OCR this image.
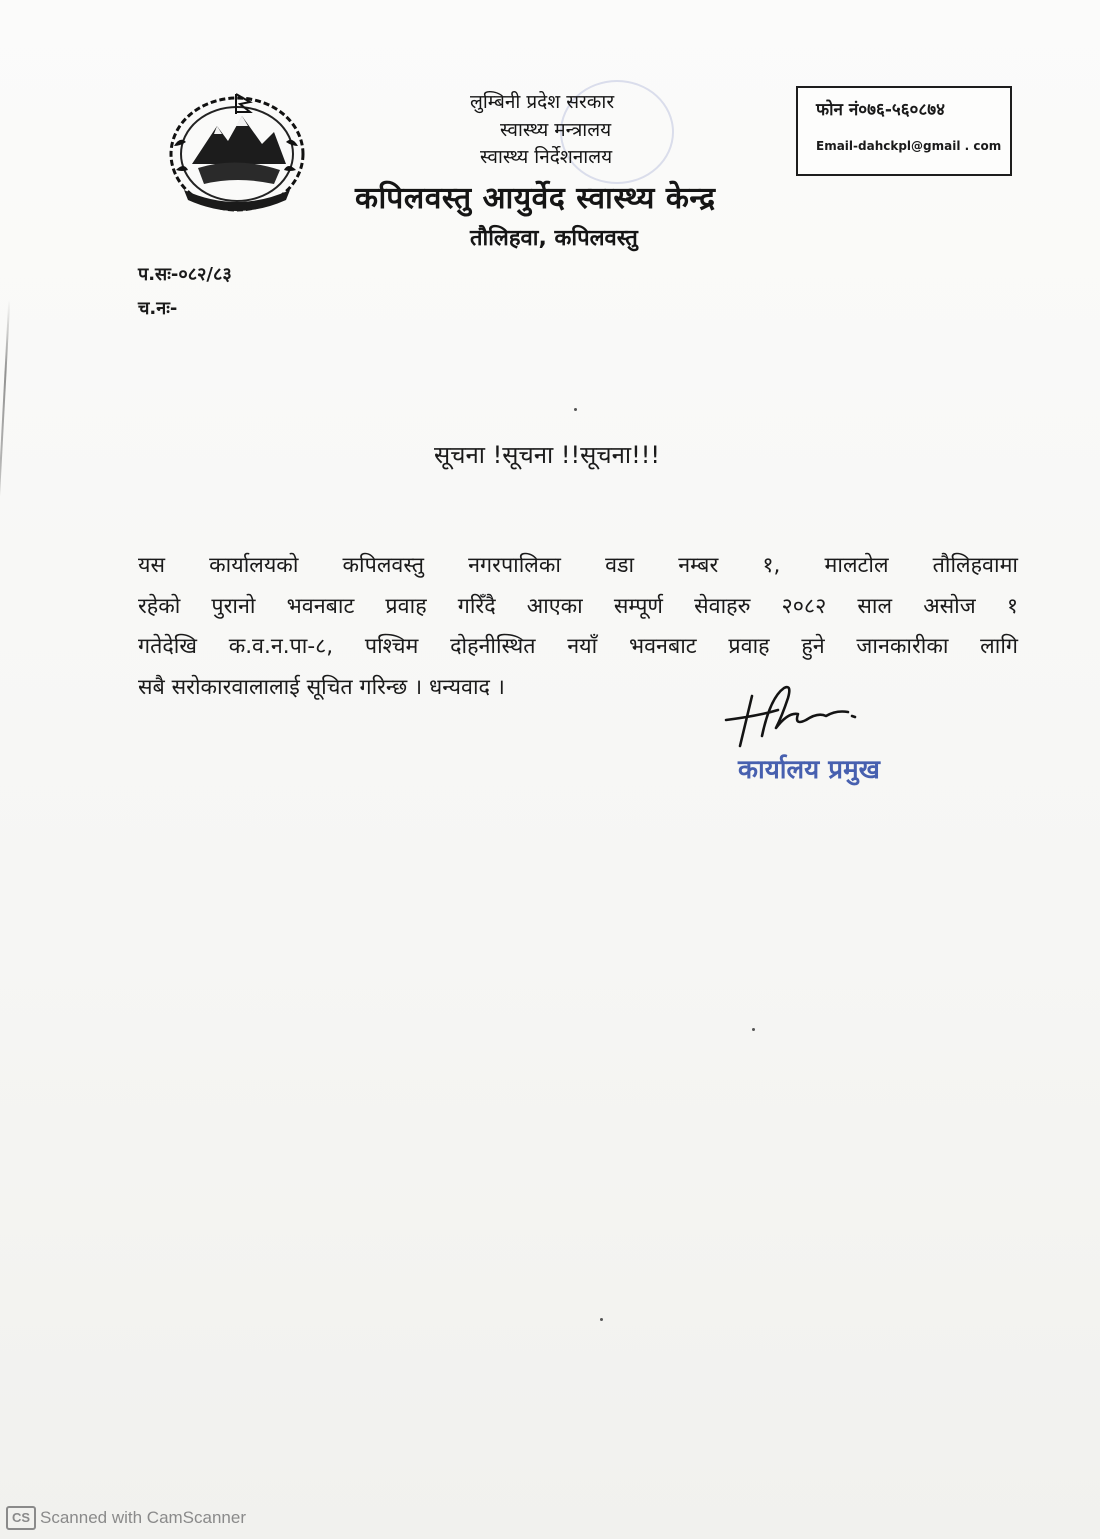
लुम्बिनी प्रदेश सरकार
स्वास्थ्य मन्त्रालय
स्वास्थ्य निर्देशनालय
कपिलवस्तु आयुर्वेद स्वास्थ्य केन्द्र
तौलिहवा, कपिलवस्तु
फोन नं०७६-५६०८७४
Email-dahckpl@gmail . com
प.सः-०८२/८३
च.नः-
सूचना !सूचना !!सूचना!!!
यस कार्यालयको कपिलवस्तु नगरपालिका वडा नम्बर १, मालटोल तौलिहवामा
रहेको पुरानो भवनबाट प्रवाह गरिँदै आएका सम्पूर्ण सेवाहरु २०८२ साल असोज १
गतेदेखि क.व.न.पा-८, पश्चिम दोहनीस्थित नयाँ भवनबाट प्रवाह हुने जानकारीका लागि
सबै सरोकारवालालाई सूचित गरिन्छ । धन्यवाद ।
कार्यालय प्रमुख
CS Scanned with CamScanner
